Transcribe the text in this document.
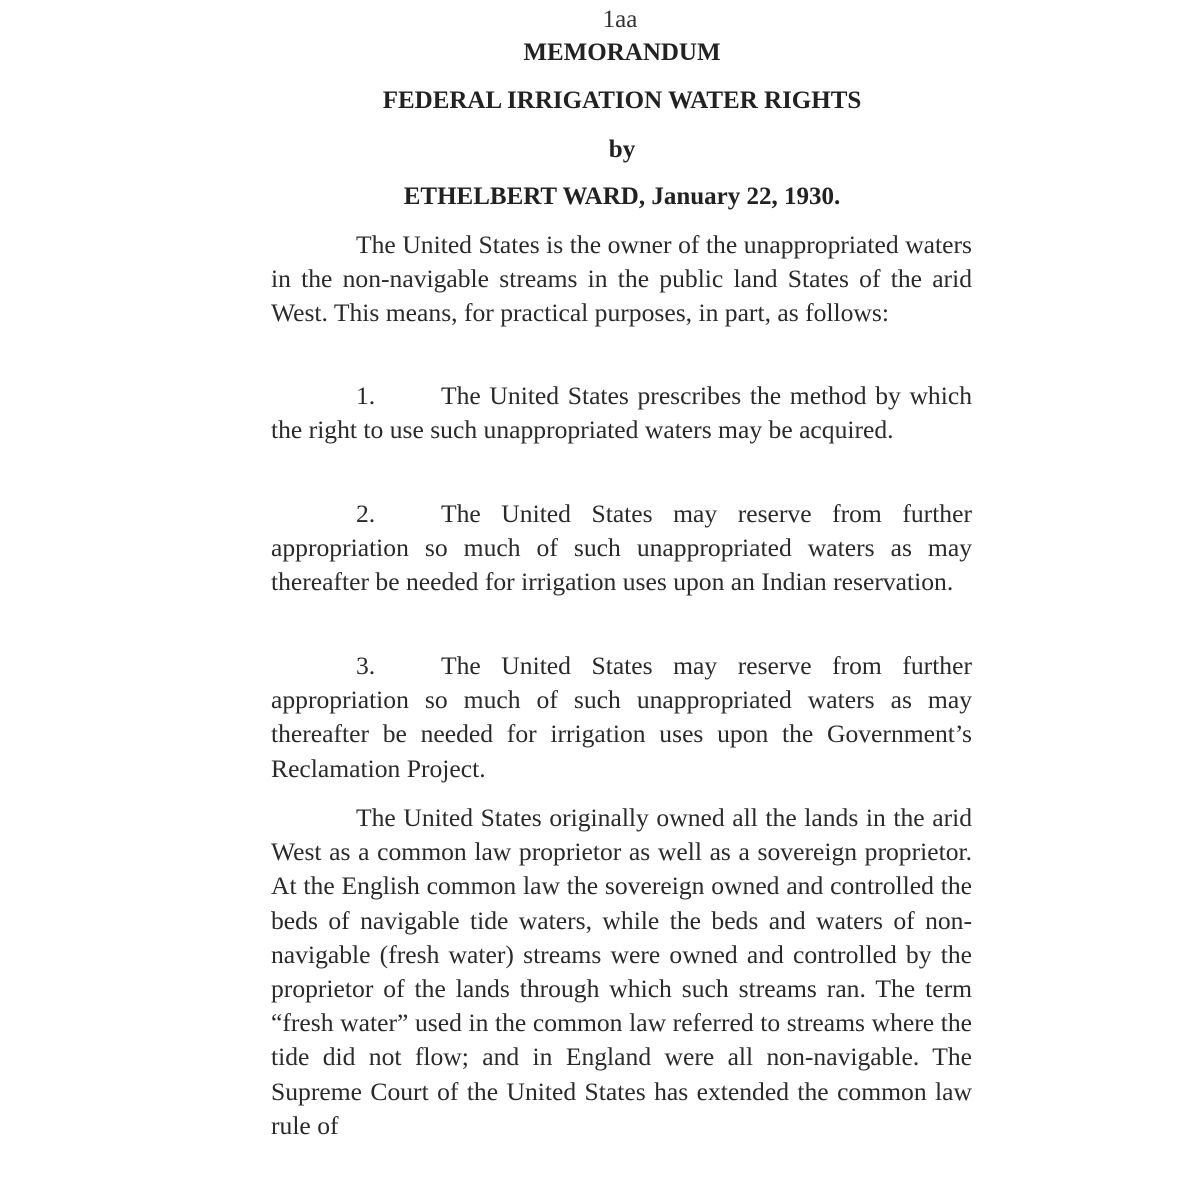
1aa
MEMORANDUM
FEDERAL IRRIGATION WATER RIGHTS
by
ETHELBERT WARD, January 22, 1930.

The United States is the owner of the unappropriated waters in the non-navigable streams in the public land States of the arid West. This means, for practical purposes, in part, as follows:

1.	The United States prescribes the method by which the right to use such unappropriated waters may be acquired.

2.	The United States may reserve from further appropriation so much of such unappropriated waters as may thereafter be needed for irrigation uses upon an Indian reservation.

3.	The United States may reserve from further appropriation so much of such unappropriated waters as may thereafter be needed for irrigation uses upon the Government’s Reclamation Project.

The United States originally owned all the lands in the arid West as a common law proprietor as well as a sovereign proprietor. At the English common law the sovereign owned and controlled the beds of navigable tide waters, while the beds and waters of non-navigable (fresh water) streams were owned and controlled by the proprietor of the lands through which such streams ran. The term “fresh water” used in the common law referred to streams where the tide did not flow; and in England were all non-navigable. The Supreme Court of the United States has extended the common law rule of
